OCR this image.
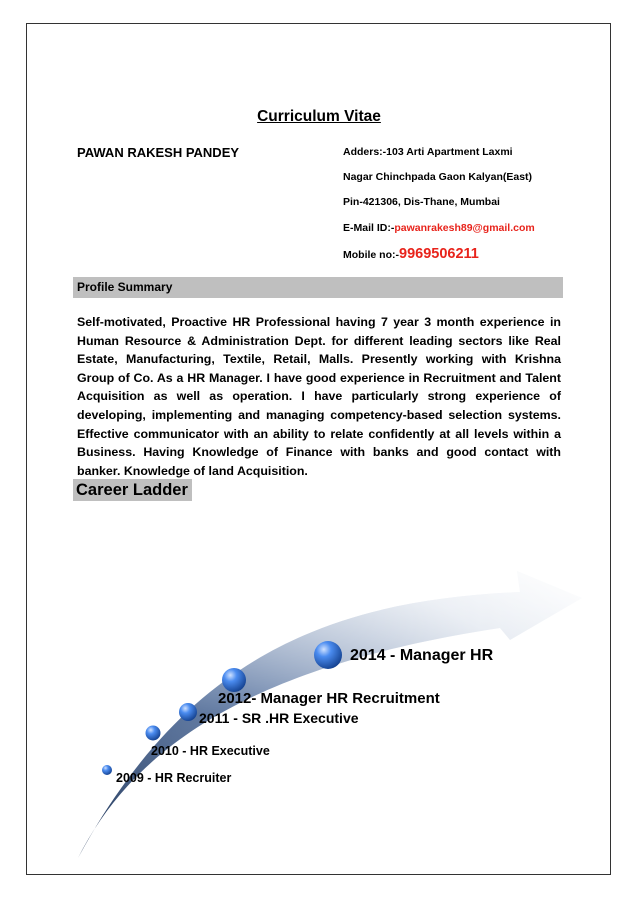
Curriculum Vitae
PAWAN RAKESH PANDEY	Adders:-103 Arti Apartment Laxmi
Nagar Chinchpada Gaon Kalyan(East)
Pin-421306, Dis-Thane, Mumbai
E-Mail ID:-pawanrakesh89@gmail.com
Mobile no:-9969506211
Profile Summary

Self-motivated, Proactive HR Professional having 7 year 3 month experience in Human Resource & Administration Dept. for different leading sectors like Real Estate, Manufacturing, Textile, Retail, Malls. Presently working with Krishna Group of Co. As a HR Manager. I have good experience in Recruitment and Talent Acquisition as well as operation. I have particularly strong experience of developing, implementing and managing competency-based selection systems. Effective communicator with an ability to relate confidently at all levels within a Business. Having Knowledge of Finance with banks and good contact with banker. Knowledge of land Acquisition.

Career Ladder
2009 - HR Recruiter
2010 - HR Executive
2011 - SR .HR Executive
2012- Manager HR Recruitment
2014 - Manager HR
